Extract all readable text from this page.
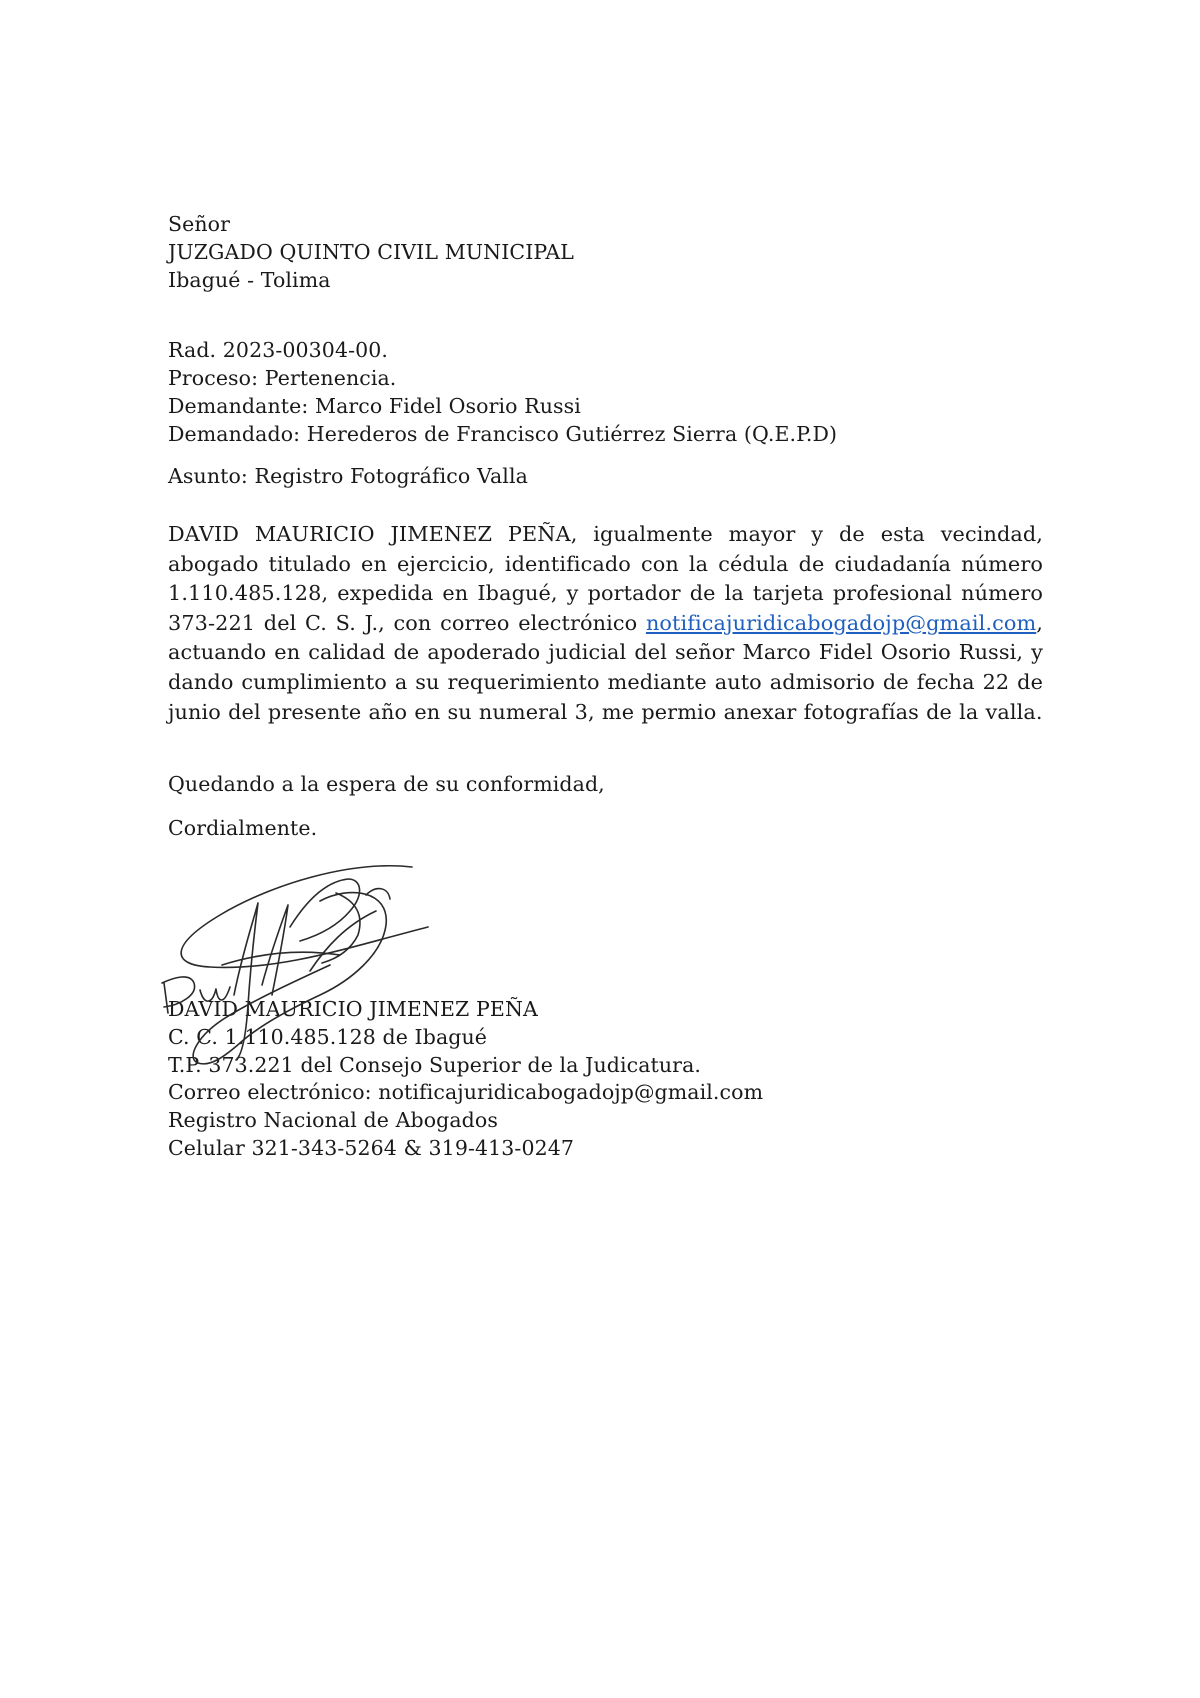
Señor
JUZGADO QUINTO CIVIL MUNICIPAL
Ibagué - Tolima
Rad. 2023-00304-00.
Proceso: Pertenencia.
Demandante: Marco Fidel Osorio Russi
Demandado: Herederos de Francisco Gutiérrez Sierra (Q.E.P.D)
Asunto: Registro Fotográfico Valla
DAVID MAURICIO JIMENEZ PEÑA, igualmente mayor y de esta vecindad, abogado titulado en ejercicio, identificado con la cédula de ciudadanía número 1.110.485.128, expedida en Ibagué, y portador de la tarjeta profesional número 373-221 del C. S. J., con correo electrónico notificajuridicabogadojp@gmail.com, actuando en calidad de apoderado judicial del señor Marco Fidel Osorio Russi, y dando cumplimiento a su requerimiento mediante auto admisorio de fecha 22 de junio del presente año en su numeral 3, me permio anexar fotografías de la valla.
Quedando a la espera de su conformidad,
Cordialmente.
DAVID MAURICIO JIMENEZ PEÑA
C. C. 1.110.485.128 de Ibagué
T.P. 373.221 del Consejo Superior de la Judicatura.
Correo electrónico: notificajuridicabogadojp@gmail.com
Registro Nacional de Abogados
Celular 321-343-5264 & 319-413-0247
